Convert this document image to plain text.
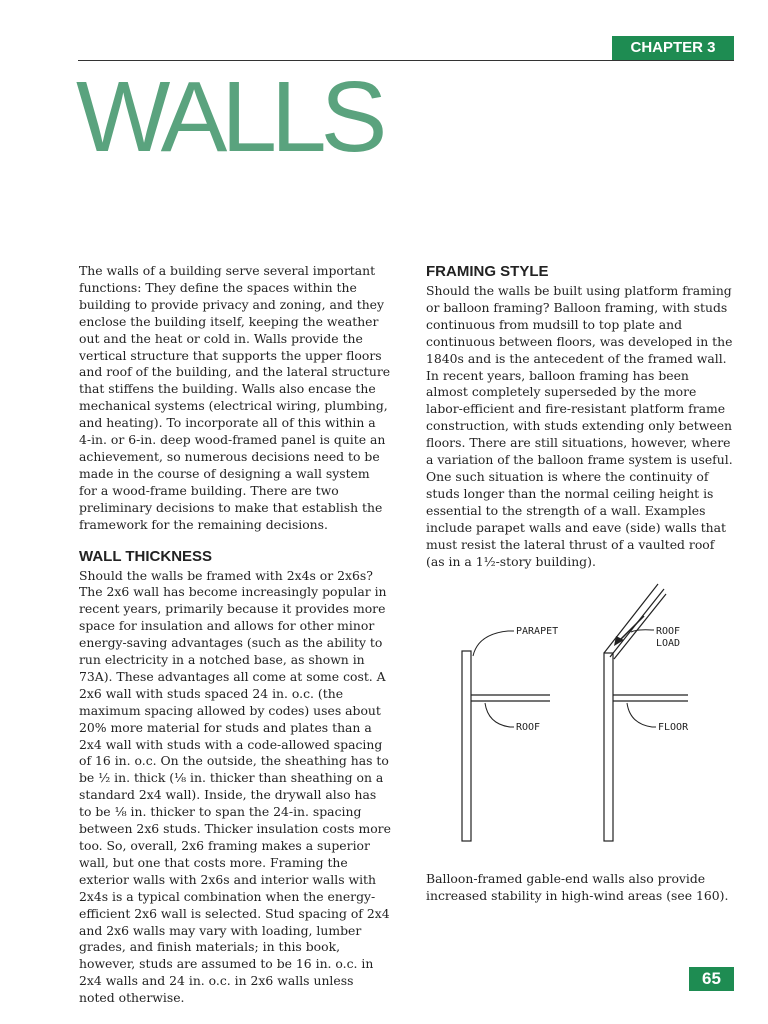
CHAPTER 3
WALLS

The walls of a building serve several important functions: They define the spaces within the building to provide privacy and zoning, and they enclose the building itself, keeping the weather out and the heat or cold in. Walls provide the vertical structure that supports the upper floors and roof of the building, and the lateral structure that stiffens the building. Walls also encase the mechanical systems (electrical wiring, plumbing, and heating). To incorporate all of this within a 4-in. or 6-in. deep wood-framed panel is quite an achievement, so numerous decisions need to be made in the course of designing a wall system for a wood-frame building. There are two preliminary decisions to make that establish the framework for the remaining decisions.

WALL THICKNESS

Should the walls be framed with 2x4s or 2x6s? The 2x6 wall has become increasingly popular in recent years, primarily because it provides more space for insulation and allows for other minor energy-saving advantages (such as the ability to run electricity in a notched base, as shown in 73A). These advantages all come at some cost. A 2x6 wall with studs spaced 24 in. o.c. (the maximum spacing allowed by codes) uses about 20% more material for studs and plates than a 2x4 wall with studs with a code-allowed spacing of 16 in. o.c. On the outside, the sheathing has to be ½ in. thick (⅛ in. thicker than sheathing on a standard 2x4 wall). Inside, the drywall also has to be ⅛ in. thicker to span the 24-in. spacing between 2x6 studs. Thicker insulation costs more too. So, overall, 2x6 framing makes a superior wall, but one that costs more. Framing the exterior walls with 2x6s and interior walls with 2x4s is a typical combination when the energy-efficient 2x6 wall is selected. Stud spacing of 2x4 and 2x6 walls may vary with loading, lumber grades, and finish materials; in this book, however, studs are assumed to be 16 in. o.c. in 2x4 walls and 24 in. o.c. in 2x6 walls unless noted otherwise.

FRAMING STYLE

Should the walls be built using platform framing or balloon framing? Balloon framing, with studs continuous from mudsill to top plate and continuous between floors, was developed in the 1840s and is the antecedent of the framed wall. In recent years, balloon framing has been almost completely superseded by the more labor-efficient and fire-resistant platform frame construction, with studs extending only between floors. There are still situations, however, where a variation of the balloon frame system is useful. One such situation is where the continuity of studs longer than the normal ceiling height is essential to the strength of a wall. Examples include parapet walls and eave (side) walls that must resist the lateral thrust of a vaulted roof (as in a 1½-story building).

PARAPET
ROOF
ROOF
LOAD
FLOOR

Balloon-framed gable-end walls also provide increased stability in high-wind areas (see 160).

65
